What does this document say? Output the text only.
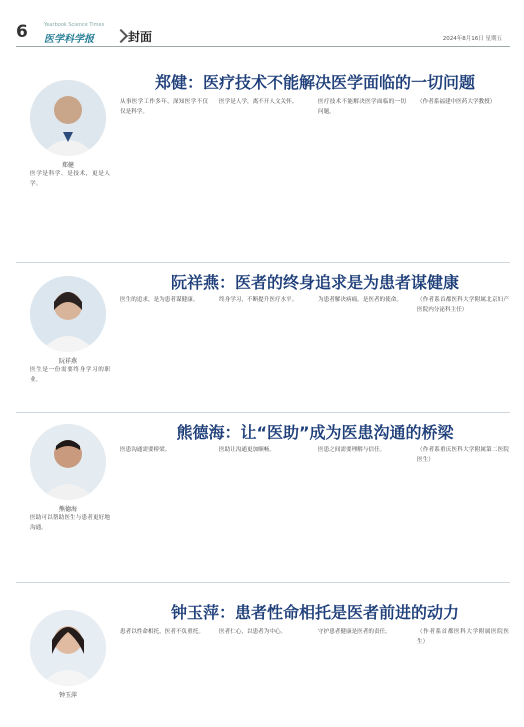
6	Yearbook Science Times
医学科学报	封面	2024年8月16日 星期五
郑健
医学是科学、是技术，更是人学。
郑健：医疗技术不能解决医学面临的一切问题
从事医学工作多年，深知医学不仅仅是科学。
医学是人学，离不开人文关怀。	医疗技术不能解决医学面临的一切问题。
（作者系福建中医药大学教授）
阮祥燕
医生是一份需要终身学习的职业。
阮祥燕：医者的终身追求是为患者谋健康
医生的追求，是为患者谋健康。	终身学习，不断提升医疗水平。	为患者解决病痛，是医者的使命。	（作者系首都医科大学附属北京妇产医院内分泌科主任）
熊德海
医助可以帮助医生与患者更好地沟通。
熊德海：让“医助”成为医患沟通的桥梁
医患沟通需要桥梁。	医助让沟通更加顺畅。	医患之间需要理解与信任。	（作者系重庆医科大学附属第二医院医生）
钟玉萍
钟玉萍：患者性命相托是医者前进的动力
患者以性命相托，医者不负重托。	医者仁心，以患者为中心。	守护患者健康是医者的责任。	（作者系首都医科大学附属医院医生）
